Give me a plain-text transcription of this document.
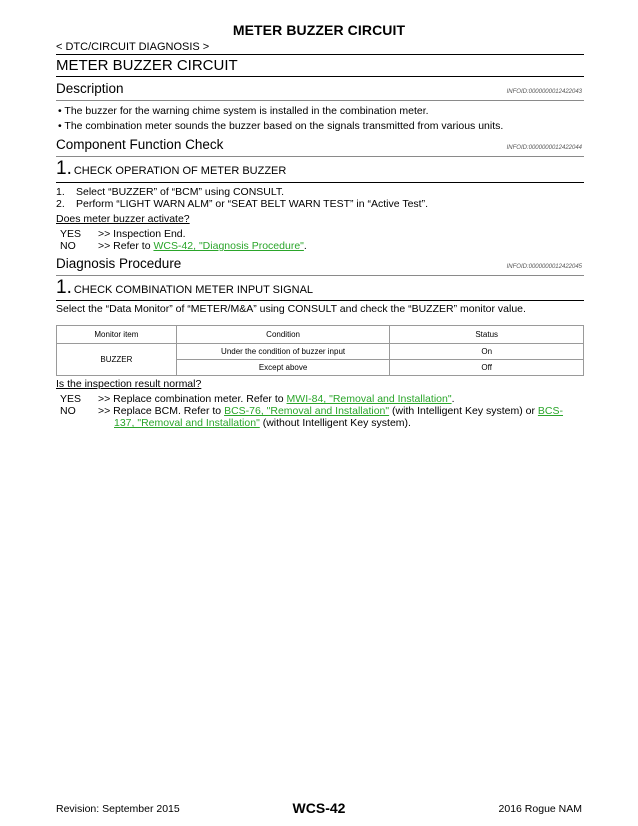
METER BUZZER CIRCUIT
< DTC/CIRCUIT DIAGNOSIS >
METER BUZZER CIRCUIT
Description	INFOID:0000000012422043
• The buzzer for the warning chime system is installed in the combination meter.
• The combination meter sounds the buzzer based on the signals transmitted from various units.
Component Function Check	INFOID:0000000012422044
1. CHECK OPERATION OF METER BUZZER
1. Select “BUZZER” of “BCM” using CONSULT.
2. Perform “LIGHT WARN ALM” or “SEAT BELT WARN TEST” in “Active Test”.
Does meter buzzer activate?
YES >> Inspection End.
NO >> Refer to WCS-42, "Diagnosis Procedure".
Diagnosis Procedure	INFOID:0000000012422045
1. CHECK COMBINATION METER INPUT SIGNAL
Select the “Data Monitor” of “METER/M&A” using CONSULT and check the “BUZZER” monitor value.
Monitor item	Condition	Status
BUZZER	Under the condition of buzzer input	On
	Except above	Off
Is the inspection result normal?
YES >> Replace combination meter. Refer to MWI-84, "Removal and Installation".
NO >> Replace BCM. Refer to BCS-76, "Removal and Installation" (with Intelligent Key system) or BCS-
137, "Removal and Installation" (without Intelligent Key system).
Revision: September 2015	WCS-42	2016 Rogue NAM
